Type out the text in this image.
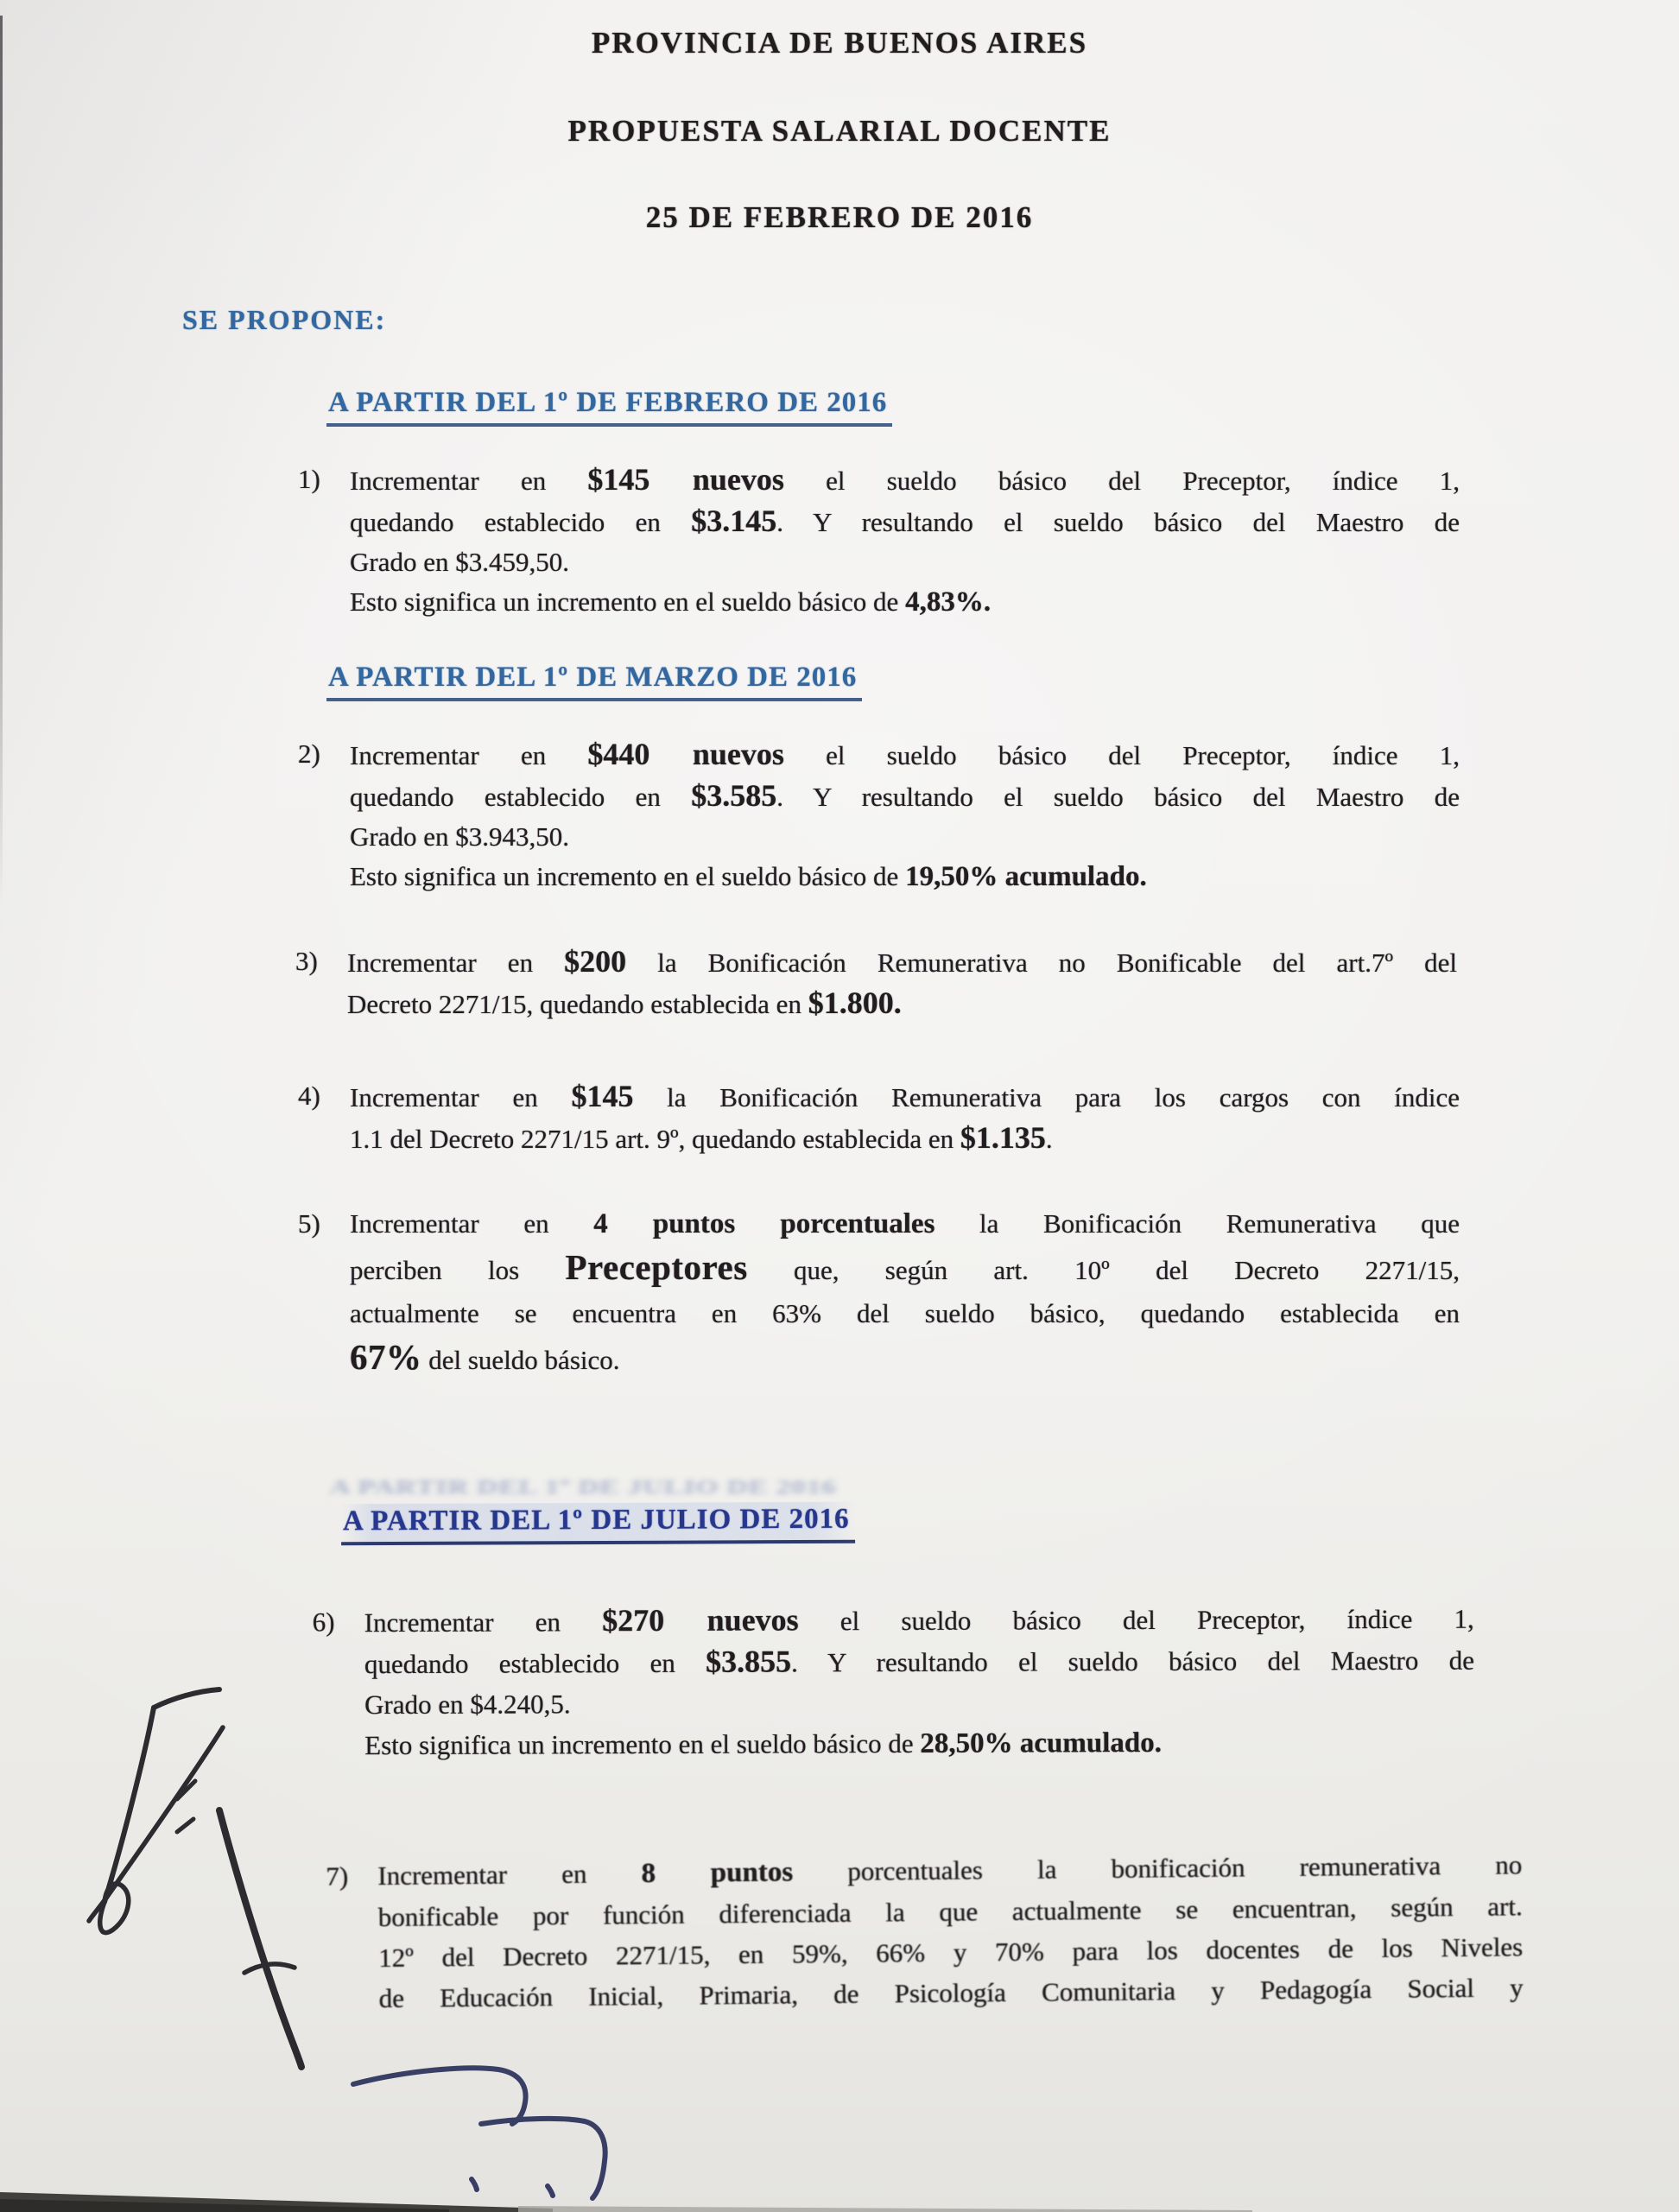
PROVINCIA DE BUENOS AIRES
PROPUESTA SALARIAL DOCENTE
25 DE FEBRERO DE 2016
SE PROPONE:
A PARTIR DEL 1º DE FEBRERO DE 2016
1)	Incrementar en $145 nuevos el sueldo básico del Preceptor, índice 1,
quedando establecido en $3.145. Y resultando el sueldo básico del Maestro de
Grado en $3.459,50.
Esto significa un incremento en el sueldo básico de 4,83%.
A PARTIR DEL 1º DE MARZO DE 2016
2)	Incrementar en $440 nuevos el sueldo básico del Preceptor, índice 1,
quedando establecido en $3.585. Y resultando el sueldo básico del Maestro de
Grado en $3.943,50.
Esto significa un incremento en el sueldo básico de 19,50% acumulado.
3)	Incrementar en $200 la Bonificación Remunerativa no Bonificable del art.7º del
Decreto 2271/15, quedando establecida en $1.800.
4)	Incrementar en $145 la Bonificación Remunerativa para los cargos con índice
1.1 del Decreto 2271/15 art. 9º, quedando establecida en $1.135.
5)	Incrementar en 4 puntos porcentuales la Bonificación Remunerativa que
perciben los Preceptores que, según art. 10º del Decreto 2271/15,
actualmente se encuentra en 63% del sueldo básico, quedando establecida en
67% del sueldo básico.
A PARTIR DEL 1º DE JULIO DE 2016
A PARTIR DEL 1º DE JULIO DE 2016
6)	Incrementar en $270 nuevos el sueldo básico del Preceptor, índice 1,
quedando establecido en $3.855. Y resultando el sueldo básico del Maestro de
Grado en $4.240,5.
Esto significa un incremento en el sueldo básico de 28,50% acumulado.
7)	Incrementar en 8 puntos porcentuales la bonificación remunerativa no
bonificable por función diferenciada la que actualmente se encuentran, según art.
12º del Decreto 2271/15, en 59%, 66% y 70% para los docentes de los Niveles
de Educación Inicial, Primaria, de Psicología Comunitaria y Pedagogía Social y
